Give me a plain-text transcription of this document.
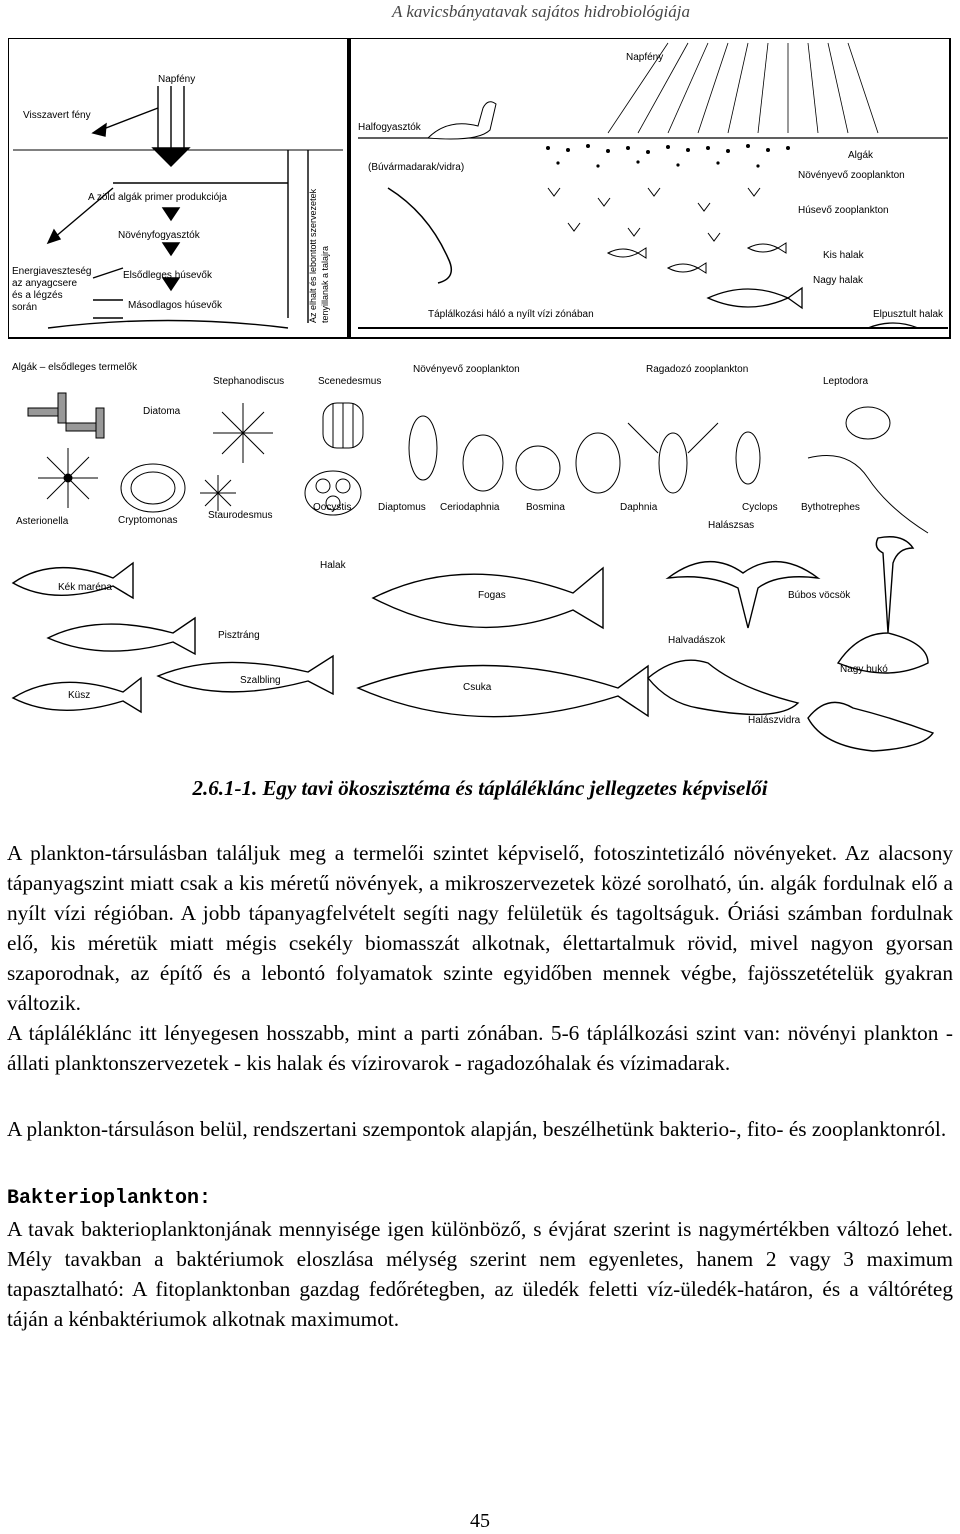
A kavicsbányatavak sajátos hidrobiológiája
Napfény
Visszavert fény
A zöld algák primer produkciója
Növényfogyasztók
Elsődleges húsevők
Másodlagos húsevők
Energiaveszteség
az anyagcsere
és a légzés
során	Az elhalt és lebontott szervezetek tenyillanak a talajra
Napfény
Halfogyasztók
(Búvármadarak/vidra)
Algák
Növényevő zooplankton
Húsevő zooplankton
Kis halak
Nagy halak
Elpusztult halak
Táplálkozási háló a nyílt vízi zónában
Algák – elsődleges termelők
Stephanodiscus	Scenedesmus
Növényevő zooplankton	Ragadozó zooplankton
Leptodora
Diatoma
Asterionella	Cryptomonas	Staurodesmus
Oocystis	Diaptomus Ceriodaphnia	Bosmina	Daphnia	Cyclops Bythotrephes
Kék maréna
Halak
Fogas
Pisztráng
Küsz
Szalbling
Csuka
Halászsas
Búbos vöcsök
Halvadászok
Nagy bukó
Halászvidra
2.6.1-1. Egy tavi ökoszisztéma és tápláléklánc jellegzetes képviselői

A plankton-társulásban találjuk meg a termelői szintet képviselő, fotoszintetizáló növényeket. Az alacsony tápanyagszint miatt csak a kis méretű növények, a mikroszervezetek közé sorolható, ún. algák fordulnak elő a nyílt vízi régióban. A jobb tápanyagfelvételt segíti nagy felületük és tagoltságuk. Óriási számban fordulnak elő, kis méretük miatt mégis csekély biomasszát alkotnak, élettartalmuk rövid, mivel nagyon gyorsan szaporodnak, az építő és a lebontó folyamatok szinte egyidőben mennek végbe, fajösszetételük gyakran változik.

A tápláléklánc itt lényegesen hosszabb, mint a parti zónában. 5-6 táplálkozási szint van: növényi plankton - állati planktonszervezetek - kis halak és vízirovarok - ragadozóhalak és vízimadarak.

A plankton-társuláson belül, rendszertani szempontok alapján, beszélhetünk bakterio-, fito- és zooplanktonról.

Bakterioplankton:

A tavak bakterioplanktonjának mennyisége igen különböző, s évjárat szerint is nagymértékben változó lehet. Mély tavakban a baktériumok eloszlása mélység szerint nem egyenletes, hanem 2 vagy 3 maximum tapasztalható: A fitoplanktonban gazdag fedőrétegben, az üledék feletti víz-üledék-határon, és a váltóréteg táján a kénbaktériumok alkotnak maximumot.

45
